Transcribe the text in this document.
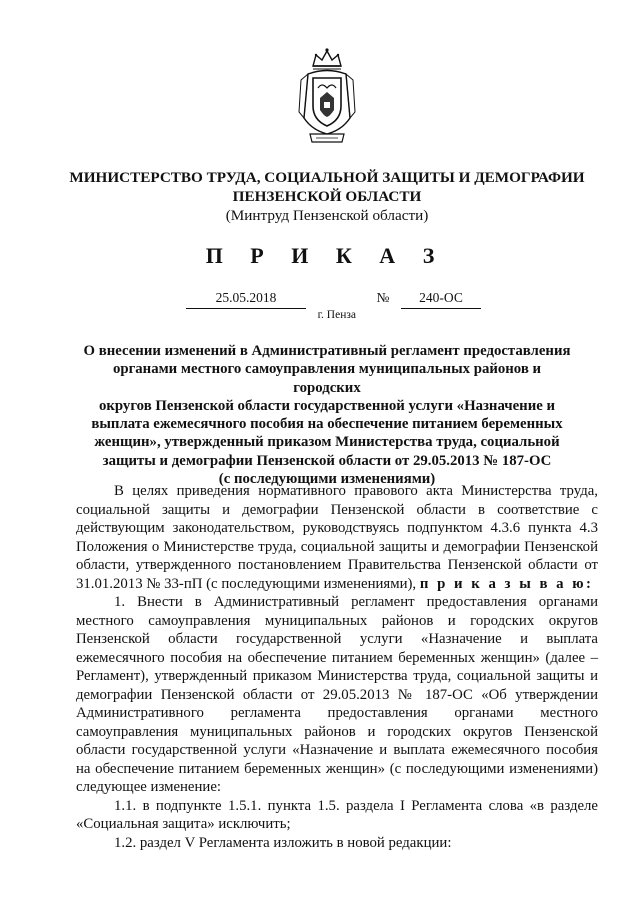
МИНИСТЕРСТВО ТРУДА, СОЦИАЛЬНОЙ ЗАЩИТЫ И ДЕМОГРАФИИ
ПЕНЗЕНСКОЙ ОБЛАСТИ
(Минтруд Пензенской области)
П Р И К А З
25.05.2018	№	240-ОС
г. Пенза
О внесении изменений в Административный регламент предоставления
органами местного самоуправления муниципальных районов и городских
округов Пензенской области государственной услуги «Назначение и
выплата ежемесячного пособия на обеспечение питанием беременных
женщин», утвержденный приказом Министерства труда, социальной
защиты и демографии Пензенской области от 29.05.2013 № 187-ОС
(с последующими изменениями)

В целях приведения нормативного правового акта Министерства труда, социальной защиты и демографии Пензенской области в соответствие с действующим законодательством, руководствуясь подпунктом 4.3.6 пункта 4.3 Положения о Министерстве труда, социальной защиты и демографии Пензенской области, утвержденного постановлением Правительства Пензенской области от 31.01.2013 № 33-пП (с последующими изменениями), п р и к а з ы в а ю:

1. Внести в Административный регламент предоставления органами местного самоуправления муниципальных районов и городских округов Пензенской области государственной услуги «Назначение и выплата ежемесячного пособия на обеспечение питанием беременных женщин» (далее – Регламент), утвержденный приказом Министерства труда, социальной защиты и демографии Пензенской области от 29.05.2013 № 187-ОС «Об утверждении Административного регламента предоставления органами местного самоуправления муниципальных районов и городских округов Пензенской области государственной услуги «Назначение и выплата ежемесячного пособия на обеспечение питанием беременных женщин» (с последующими изменениями) следующее изменение:

1.1. в подпункте 1.5.1. пункта 1.5. раздела I Регламента слова «в разделе «Социальная защита» исключить;

1.2. раздел V Регламента изложить в новой редакции:
